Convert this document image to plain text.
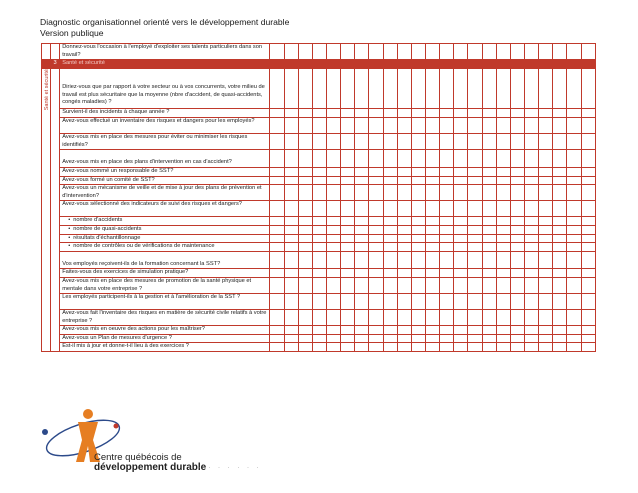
Diagnostic organisationnel orienté vers le développement durable
Version publique
		Donnez-vous l'occasion à l'employé d'exploiter ses talents particuliers dans son travail?																							
	3	Santé et sécurité																							
Santé et sécurité		Diriez-vous que par rapport à votre secteur ou à vos concurrents, votre milieu de travail est plus sécuritaire que la moyenne (nbre d'accident, de quasi-accidents, congés maladies) ?																							
		Survient-il des incidents à chaque année ?																							
		Avez-vous effectué un inventaire des risques et dangers pour les employés?																							
		Avez-vous mis en place des mesures pour éviter ou minimiser les risques identifiés?																							
		Avez-vous mis en place des plans d'intervention en cas d'accident?																							
		Avez-vous nommé un responsable de SST?																							
		Avez-vous formé un comité de SST?																							
		Avez-vous un mécanisme de veille et de mise à jour des plans de prévention et d'intervention?																							
		Avez-vous sélectionné des indicateurs de suivi des risques et dangers?																							
		• nombre d'accidents																							
		• nombre de quasi-accidents																							
		• résultats d'échantillonnage																							
		• nombre de contrôles ou de vérifications de maintenance																							
		Vos employés reçoivent-ils de la formation concernant la SST?																							
		Faites-vous des exercices de simulation pratique?																							
		Avez-vous mis en place des mesures de promotion de la santé physique et mentale dans votre entreprise ?																							
		Les employés participent-ils à la gestion et à l'amélioration de la SST ?																							
		Avez-vous fait l'inventaire des risques en matière de sécurité civile relatifs à votre entreprise ?																							
		Avez-vous mis en oeuvre des actions pour les maîtriser?																							
		Avez-vous un Plan de mesures d'urgence ?																							
		Est-il mis à jour et donne-t-il lieu à des exercices ?																							
Centre québécois de
développement durable
· · · · · · · ·
